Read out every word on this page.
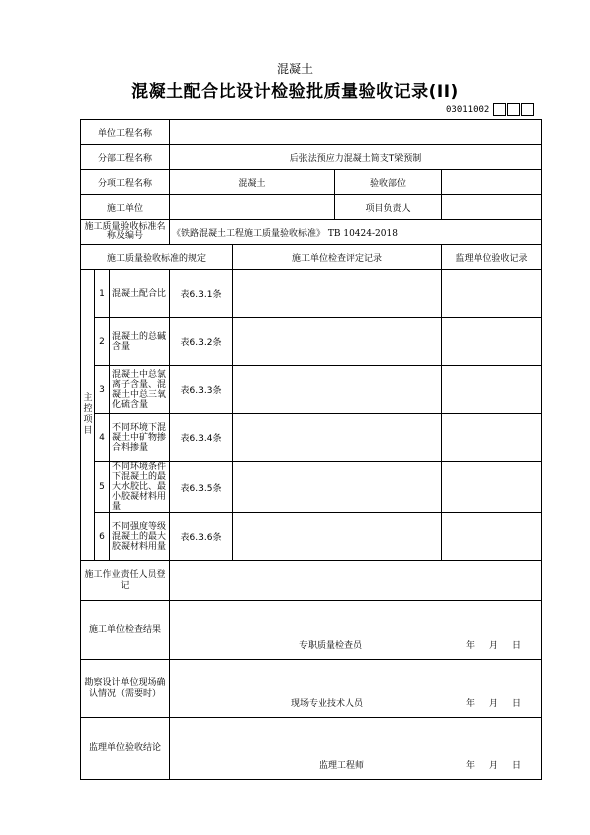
混凝土
混凝土配合比设计检验批质量验收记录(II)
03011002
单位工程名称						
分部工程名称			后张法预应力混凝土简支T梁预制			
分项工程名称			混凝土		验收部位	
施工单位					项目负责人	
施工质量验收标准名称及编号			《铁路混凝土工程施工质量验收标准》 TB 10424-2018			
施工质量验收标准的规定				施工单位检查评定记录		监理单位验收记录
主控项目	1	混凝土配合比	表6.3.1条			
	2	混凝土的总碱含量	表6.3.2条			
	3	混凝土中总氯离子含量、混凝土中总三氧化硫含量	表6.3.3条			
	4	不同环境下混凝土中矿物掺合料掺量	表6.3.4条			
	5	不同环境条件下混凝土的最大水胶比、最小胶凝材料用量	表6.3.5条			
	6	不同强度等级混凝土的最大胶凝材料用量	表6.3.6条			
施工作业责任人员登记						
施工单位检查结果			专职质量检查员 年 月 日			

勘察设计单位现场确认情况（需要时）			现场专业技术人员 年 月 日			

监理单位验收结论			监理工程师 年 月 日			
